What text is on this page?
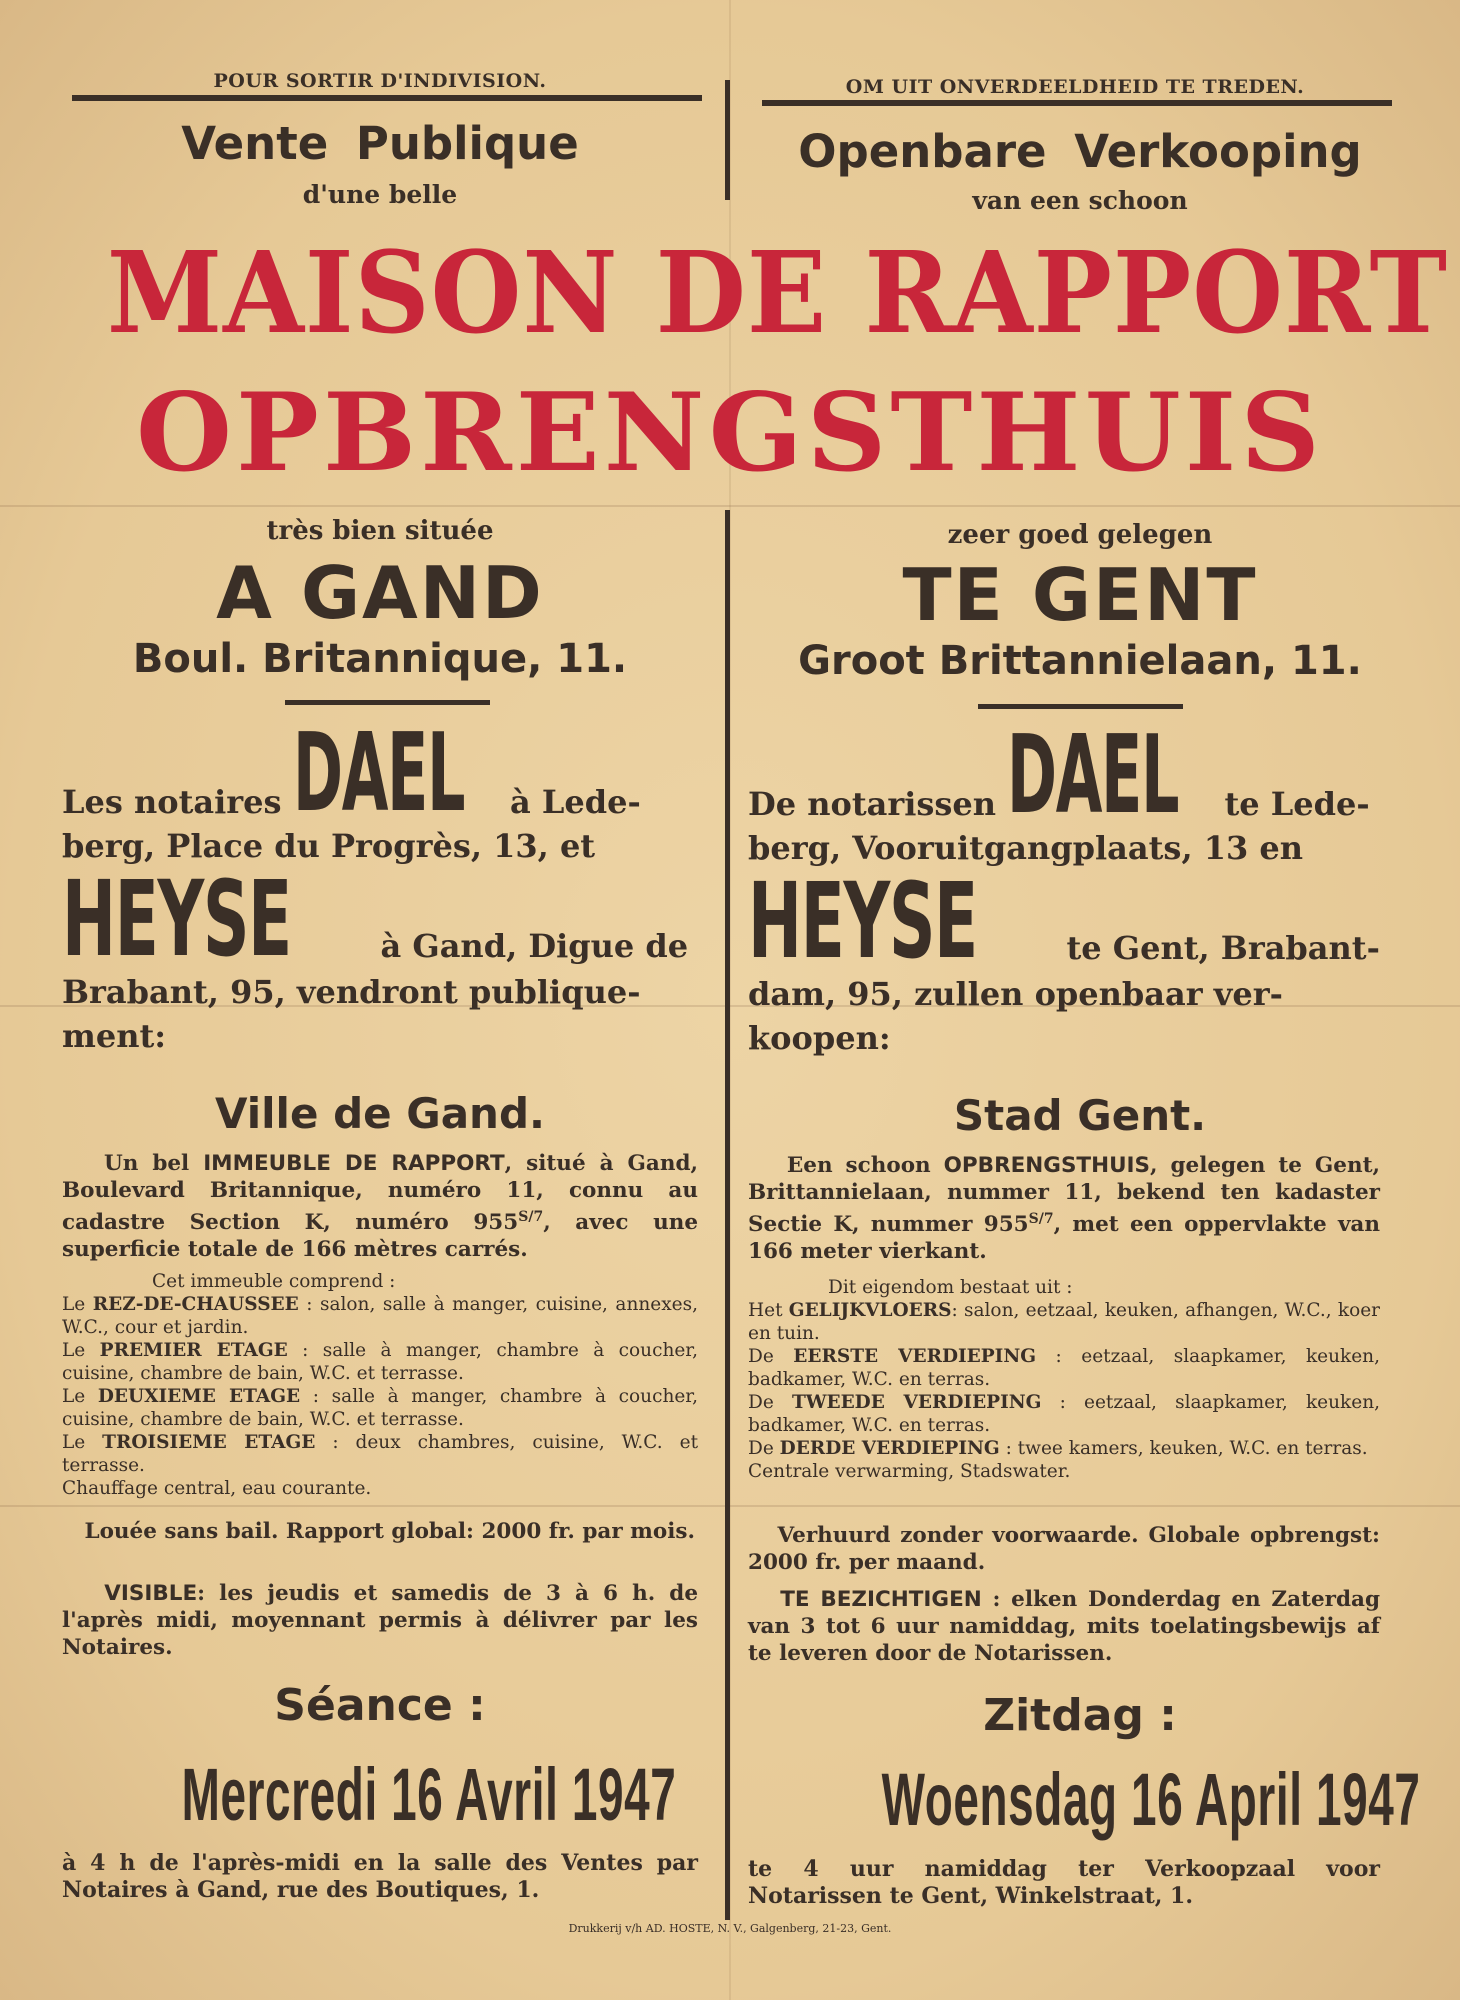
POUR SORTIR D'INDIVISION.	OM UIT ONVERDEELDHEID TE TREDEN.
Vente Publique
d'une belle
Openbare Verkooping
van een schoon
MAISON DE RAPPORT
OPBRENGSTHUIS
très bien située	zeer goed gelegen
A GAND	TE GENT
Boul. Britannique, 11.	Groot Brittannielaan, 11.
Les notaires DAEL à Lede-
berg, Place du Progrès, 13, et
HEYSE	à Gand, Digue de
Brabant, 95, vendront publique-
ment:
De notarissen DAEL te Lede-
berg, Vooruitgangplaats, 13 en
HEYSE	te Gent, Brabant-
dam, 95, zullen openbaar ver-
koopen:
Ville de Gand.	Stad Gent.
Un bel IMMEUBLE DE RAPPORT, situé à Gand, Boulevard Britannique, numéro 11, connu au cadastre Section K, numéro $955^{S/7}$, avec une superficie totale de 166 mètres carrés.
Een schoon OPBRENGSTHUIS, gelegen te Gent, Brittannielaan, nummer 11, bekend ten kadaster Sectie K, nummer $955^{S/7}$, met een oppervlakte van 166 meter vierkant.
Cet immeuble comprend :
Le REZ-DE-CHAUSSEE : salon, salle à manger, cuisine, annexes, W.C., cour et jardin.
Le PREMIER ETAGE : salle à manger, chambre à coucher, cuisine, chambre de bain, W.C. et terrasse.
Le DEUXIEME ETAGE : salle à manger, chambre à coucher, cuisine, chambre de bain, W.C. et terrasse.
Le TROISIEME ETAGE : deux chambres, cuisine, W.C. et terrasse.
Chauffage central, eau courante.
Dit eigendom bestaat uit :
Het GELIJKVLOERS: salon, eetzaal, keuken, afhangen, W.C., koer en tuin.
De EERSTE VERDIEPING : eetzaal, slaapkamer, keuken, badkamer, W.C. en terras.
De TWEEDE VERDIEPING : eetzaal, slaapkamer, keuken, badkamer, W.C. en terras.
De DERDE VERDIEPING : twee kamers, keuken, W.C. en terras.
Centrale verwarming, Stadswater.
Louée sans bail. Rapport global: 2000 fr. par mois.	Verhuurd zonder voorwaarde. Globale opbrengst: 2000 fr. per maand.
VISIBLE: les jeudis et samedis de 3 à 6 h. de l'après midi, moyennant permis à délivrer par les Notaires.
TE BEZICHTIGEN : elken Donderdag en Zaterdag van 3 tot 6 uur namiddag, mits toelatingsbewijs af te leveren door de Notarissen.
Séance :	Zitdag :
Mercredi 16 Avril 1947	Woensdag 16 April 1947
à 4 h de l'après-midi en la salle des Ventes par Notaires à Gand, rue des Boutiques, 1.
te 4 uur namiddag ter Verkoopzaal voor Notarissen te Gent, Winkelstraat, 1.
Drukkerij v/h AD. HOSTE, N. V., Galgenberg, 21-23, Gent.
